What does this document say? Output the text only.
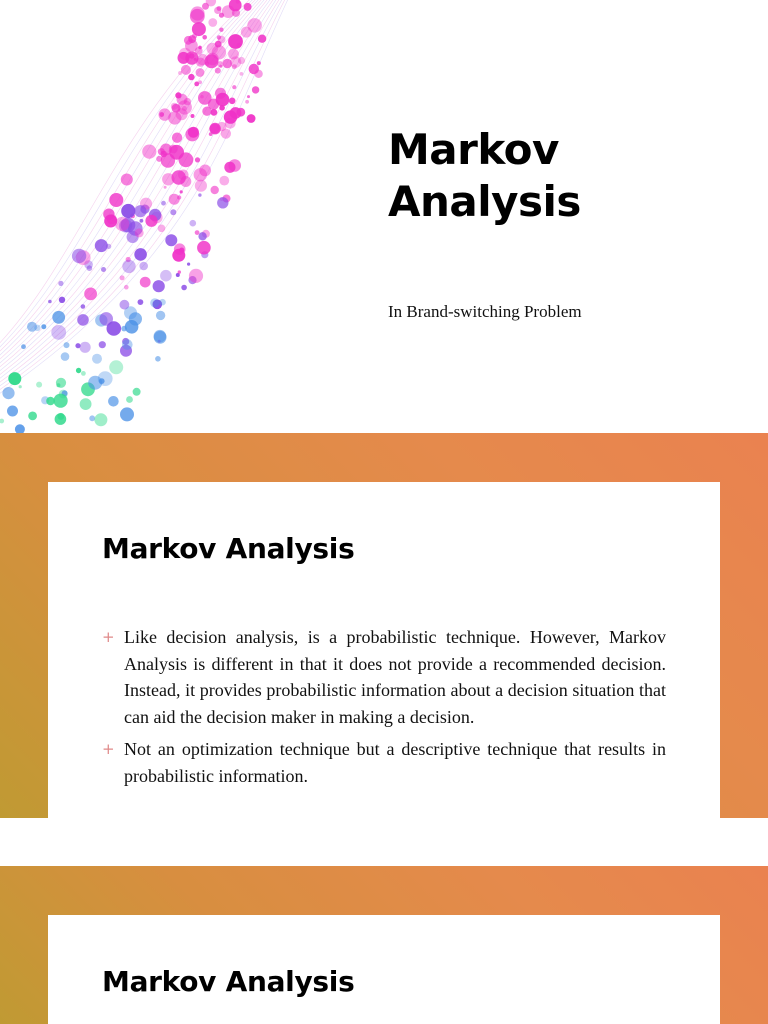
Markov
Analysis
In Brand-switching Problem
Markov Analysis
+ Like decision analysis, is a probabilistic technique. However, Markov Analysis is different in that it does not provide a recommended decision. Instead, it provides probabilistic information about a decision situation that can aid the decision maker in making a decision.
+ Not an optimization technique but a descriptive technique that results in probabilistic information.
Markov Analysis
